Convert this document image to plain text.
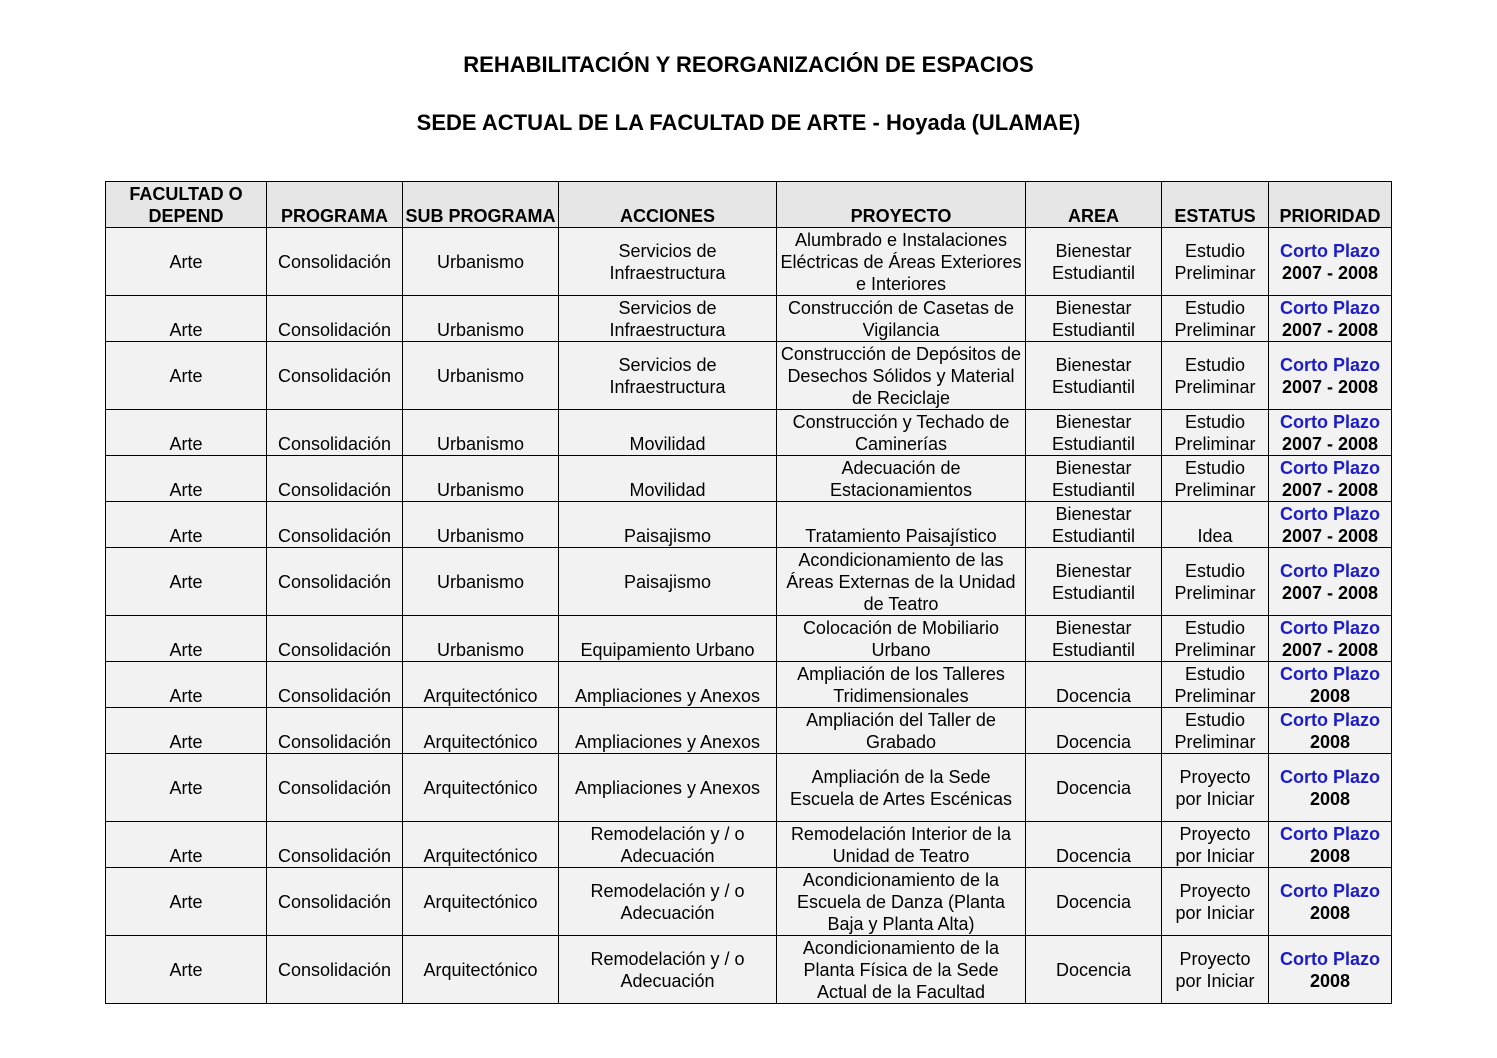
REHABILITACIÓN Y REORGANIZACIÓN DE ESPACIOS
SEDE ACTUAL DE LA FACULTAD DE ARTE - Hoyada (ULAMAE)
FACULTAD O DEPEND	PROGRAMA	SUB PROGRAMA	ACCIONES	PROYECTO	AREA	ESTATUS	PRIORIDAD
Arte	Consolidación	Urbanismo	Servicios de Infraestructura	Alumbrado e Instalaciones Eléctricas de Áreas Exteriores e Interiores	Bienestar Estudiantil	Estudio Preliminar	Corto Plazo
2007 - 2008

Arte	Consolidación	Urbanismo	Servicios de Infraestructura	Construcción de Casetas de Vigilancia	Bienestar Estudiantil	Estudio Preliminar	Corto Plazo
2007 - 2008

Arte	Consolidación	Urbanismo	Servicios de Infraestructura	Construcción de Depósitos de Desechos Sólidos y Material de Reciclaje	Bienestar Estudiantil	Estudio Preliminar	Corto Plazo
2007 - 2008

Arte	Consolidación	Urbanismo	Movilidad	Construcción y Techado de Caminerías	Bienestar Estudiantil	Estudio Preliminar	Corto Plazo
2007 - 2008

Arte	Consolidación	Urbanismo	Movilidad	Adecuación de Estacionamientos	Bienestar Estudiantil	Estudio Preliminar	Corto Plazo
2007 - 2008

Arte	Consolidación	Urbanismo	Paisajismo	Tratamiento Paisajístico	Bienestar Estudiantil	Idea	Corto Plazo
2007 - 2008

Arte	Consolidación	Urbanismo	Paisajismo	Acondicionamiento de las Áreas Externas de la Unidad de Teatro	Bienestar Estudiantil	Estudio Preliminar	Corto Plazo
2007 - 2008

Arte	Consolidación	Urbanismo	Equipamiento Urbano	Colocación de Mobiliario Urbano	Bienestar Estudiantil	Estudio Preliminar	Corto Plazo
2007 - 2008

Arte	Consolidación	Arquitectónico	Ampliaciones y Anexos	Ampliación de los Talleres Tridimensionales	Docencia	Estudio Preliminar	Corto Plazo
2008

Arte	Consolidación	Arquitectónico	Ampliaciones y Anexos	Ampliación del Taller de Grabado	Docencia	Estudio Preliminar	Corto Plazo
2008

Arte	Consolidación	Arquitectónico	Ampliaciones y Anexos	Ampliación de la Sede Escuela de Artes Escénicas	Docencia	Proyecto por Iniciar	Corto Plazo
2008

Arte	Consolidación	Arquitectónico	Remodelación y / o Adecuación	Remodelación Interior de la Unidad de Teatro	Docencia	Proyecto por Iniciar	Corto Plazo
2008

Arte	Consolidación	Arquitectónico	Remodelación y / o Adecuación	Acondicionamiento de la Escuela de Danza (Planta Baja y Planta Alta)	Docencia	Proyecto por Iniciar	Corto Plazo
2008

Arte	Consolidación	Arquitectónico	Remodelación y / o Adecuación	Acondicionamiento de la Planta Física de la Sede Actual de la Facultad	Docencia	Proyecto por Iniciar	Corto Plazo
2008
